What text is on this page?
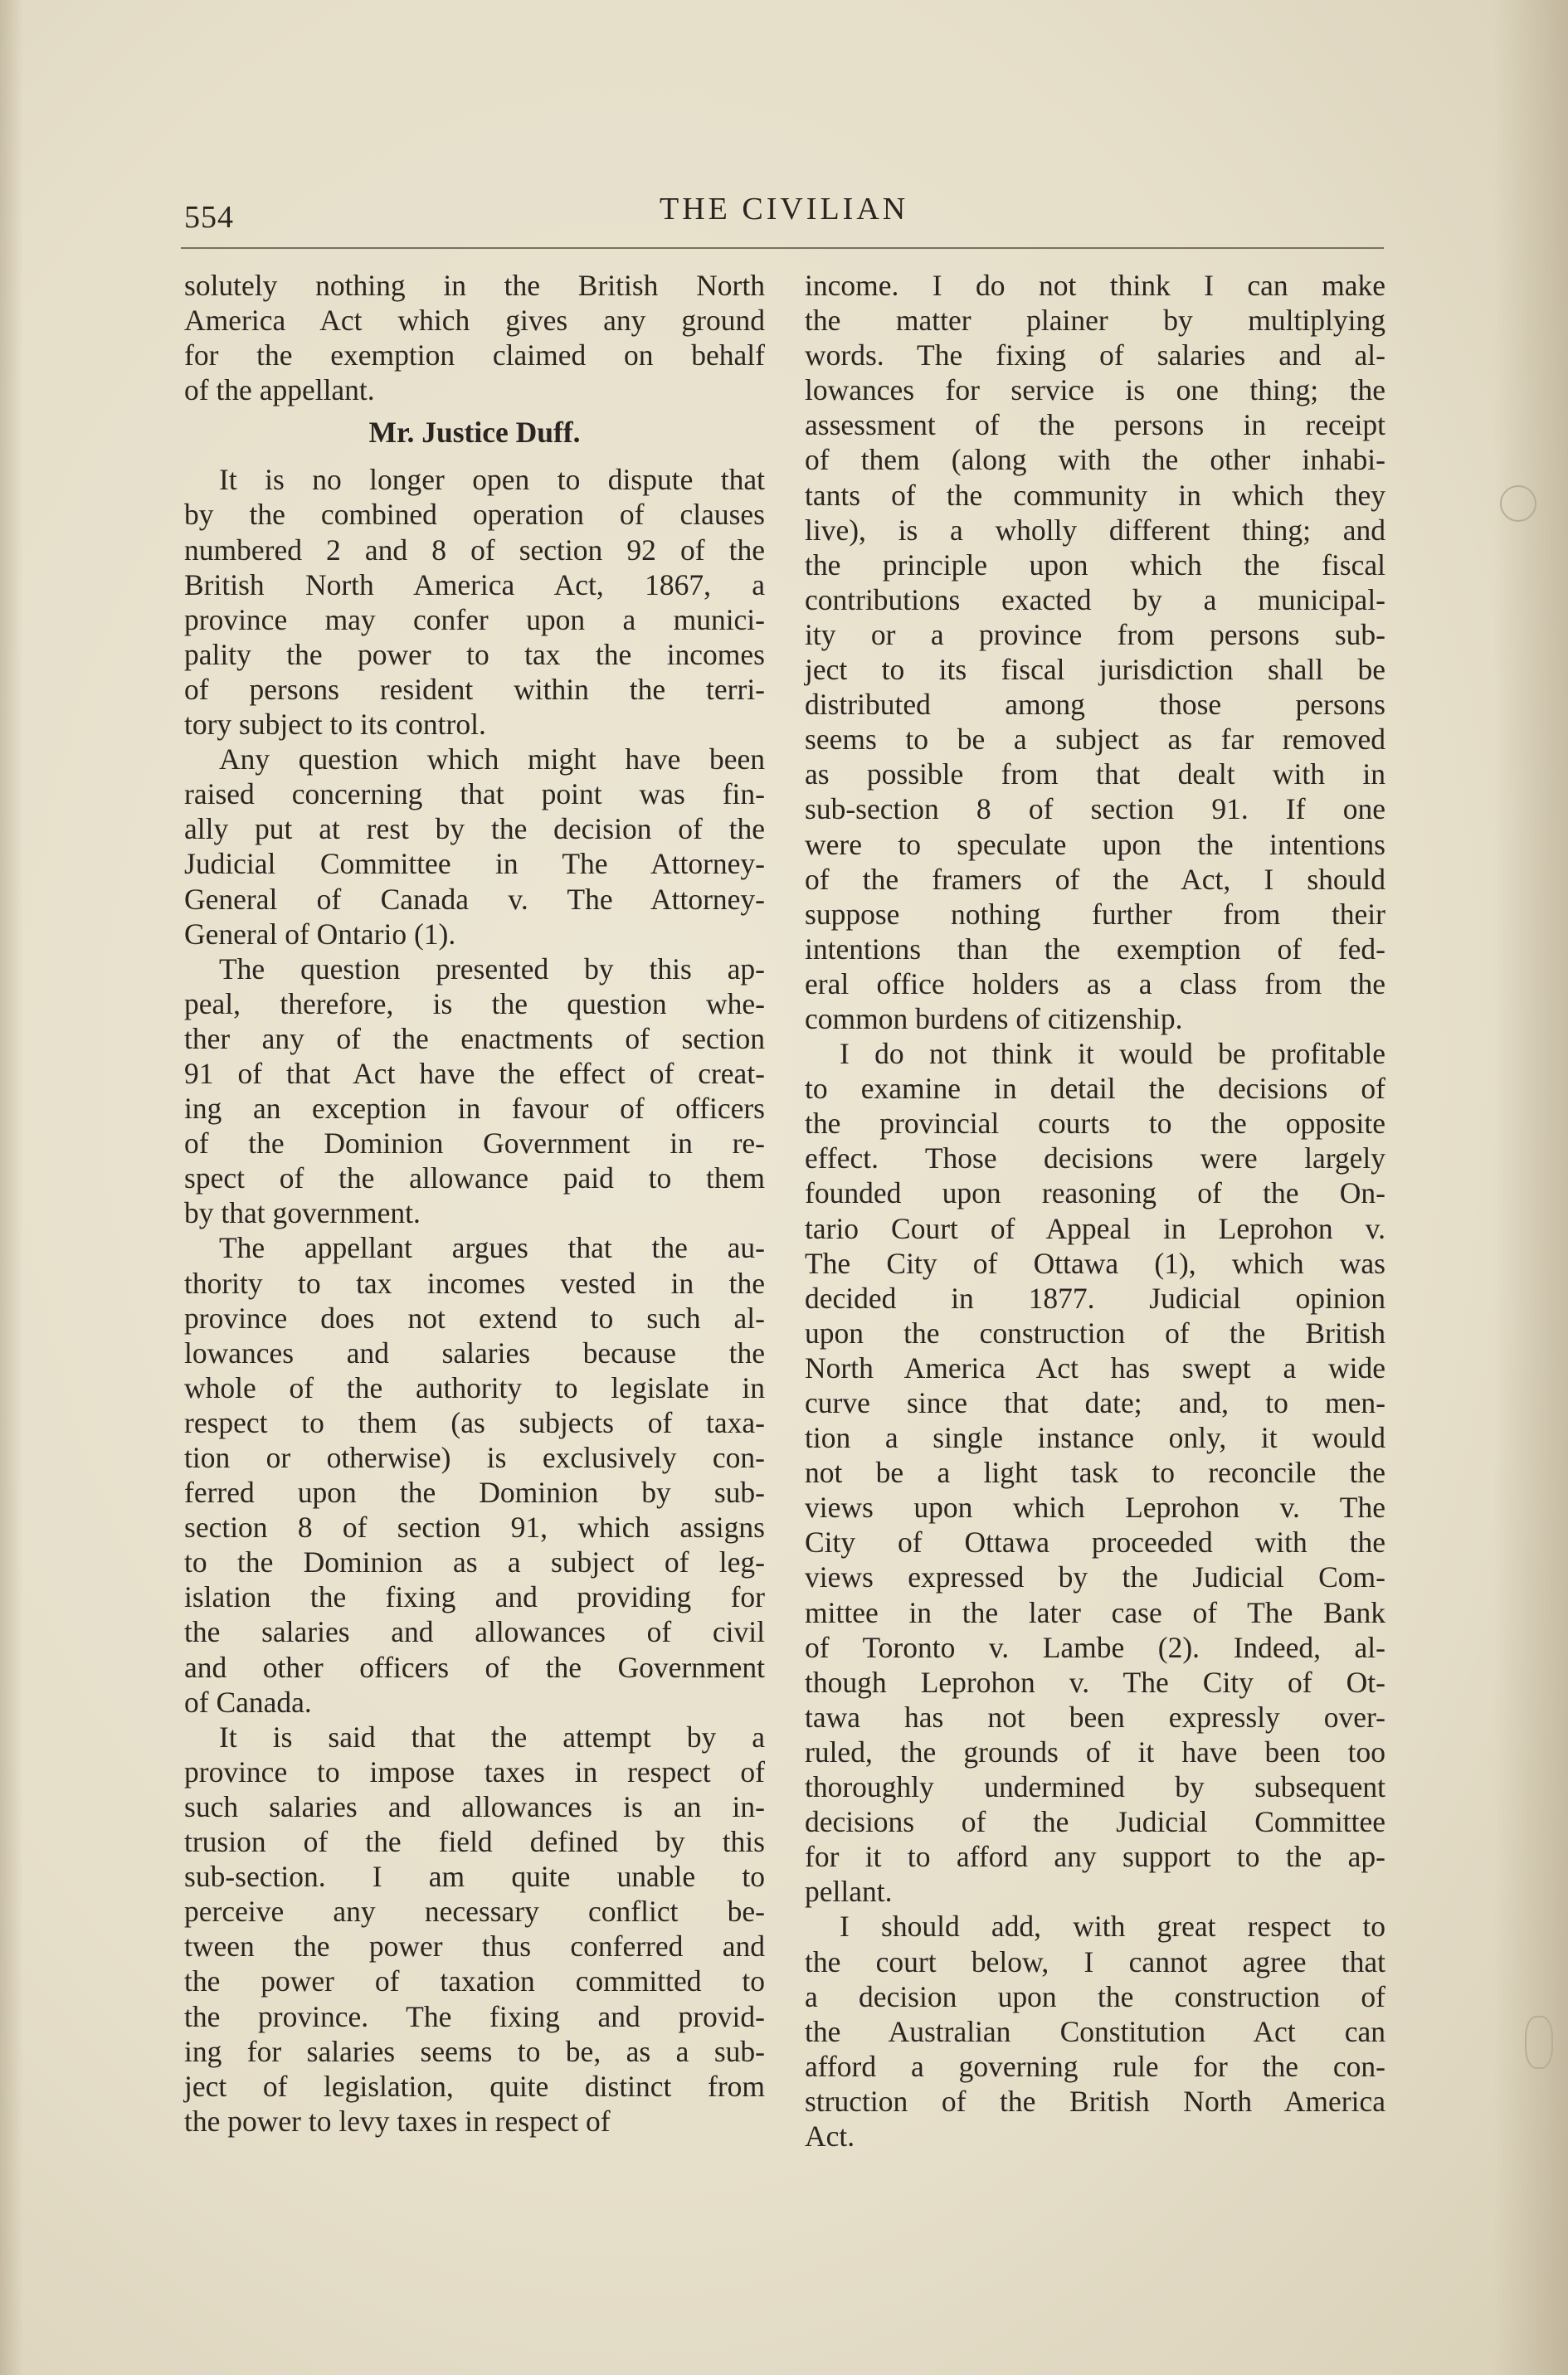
554	THE CIVILIAN
solutely nothing in the British North
America Act which gives any ground
for the exemption claimed on behalf
of the appellant.
Mr. Justice Duff.
It is no longer open to dispute that
by the combined operation of clauses
numbered 2 and 8 of section 92 of the
British North America Act, 1867, a
province may confer upon a munici-
pality the power to tax the incomes
of persons resident within the terri-
tory subject to its control.
Any question which might have been
raised concerning that point was fin-
ally put at rest by the decision of the
Judicial Committee in The Attorney-
General of Canada v. The Attorney-
General of Ontario (1).
The question presented by this ap-
peal, therefore, is the question whe-
ther any of the enactments of section
91 of that Act have the effect of creat-
ing an exception in favour of officers
of the Dominion Government in re-
spect of the allowance paid to them
by that government.
The appellant argues that the au-
thority to tax incomes vested in the
province does not extend to such al-
lowances and salaries because the
whole of the authority to legislate in
respect to them (as subjects of taxa-
tion or otherwise) is exclusively con-
ferred upon the Dominion by sub-
section 8 of section 91, which assigns
to the Dominion as a subject of leg-
islation the fixing and providing for
the salaries and allowances of civil
and other officers of the Government
of Canada.
It is said that the attempt by a
province to impose taxes in respect of
such salaries and allowances is an in-
trusion of the field defined by this
sub-section. I am quite unable to
perceive any necessary conflict be-
tween the power thus conferred and
the power of taxation committed to
the province. The fixing and provid-
ing for salaries seems to be, as a sub-
ject of legislation, quite distinct from
the power to levy taxes in respect of
income. I do not think I can make
the matter plainer by multiplying
words. The fixing of salaries and al-
lowances for service is one thing; the
assessment of the persons in receipt
of them (along with the other inhabi-
tants of the community in which they
live), is a wholly different thing; and
the principle upon which the fiscal
contributions exacted by a municipal-
ity or a province from persons sub-
ject to its fiscal jurisdiction shall be
distributed among those persons
seems to be a subject as far removed
as possible from that dealt with in
sub-section 8 of section 91. If one
were to speculate upon the intentions
of the framers of the Act, I should
suppose nothing further from their
intentions than the exemption of fed-
eral office holders as a class from the
common burdens of citizenship.
I do not think it would be profitable
to examine in detail the decisions of
the provincial courts to the opposite
effect. Those decisions were largely
founded upon reasoning of the On-
tario Court of Appeal in Leprohon v.
The City of Ottawa (1), which was
decided in 1877. Judicial opinion
upon the construction of the British
North America Act has swept a wide
curve since that date; and, to men-
tion a single instance only, it would
not be a light task to reconcile the
views upon which Leprohon v. The
City of Ottawa proceeded with the
views expressed by the Judicial Com-
mittee in the later case of The Bank
of Toronto v. Lambe (2). Indeed, al-
though Leprohon v. The City of Ot-
tawa has not been expressly over-
ruled, the grounds of it have been too
thoroughly undermined by subsequent
decisions of the Judicial Committee
for it to afford any support to the ap-
pellant.
I should add, with great respect to
the court below, I cannot agree that
a decision upon the construction of
the Australian Constitution Act can
afford a governing rule for the con-
struction of the British North America
Act.
